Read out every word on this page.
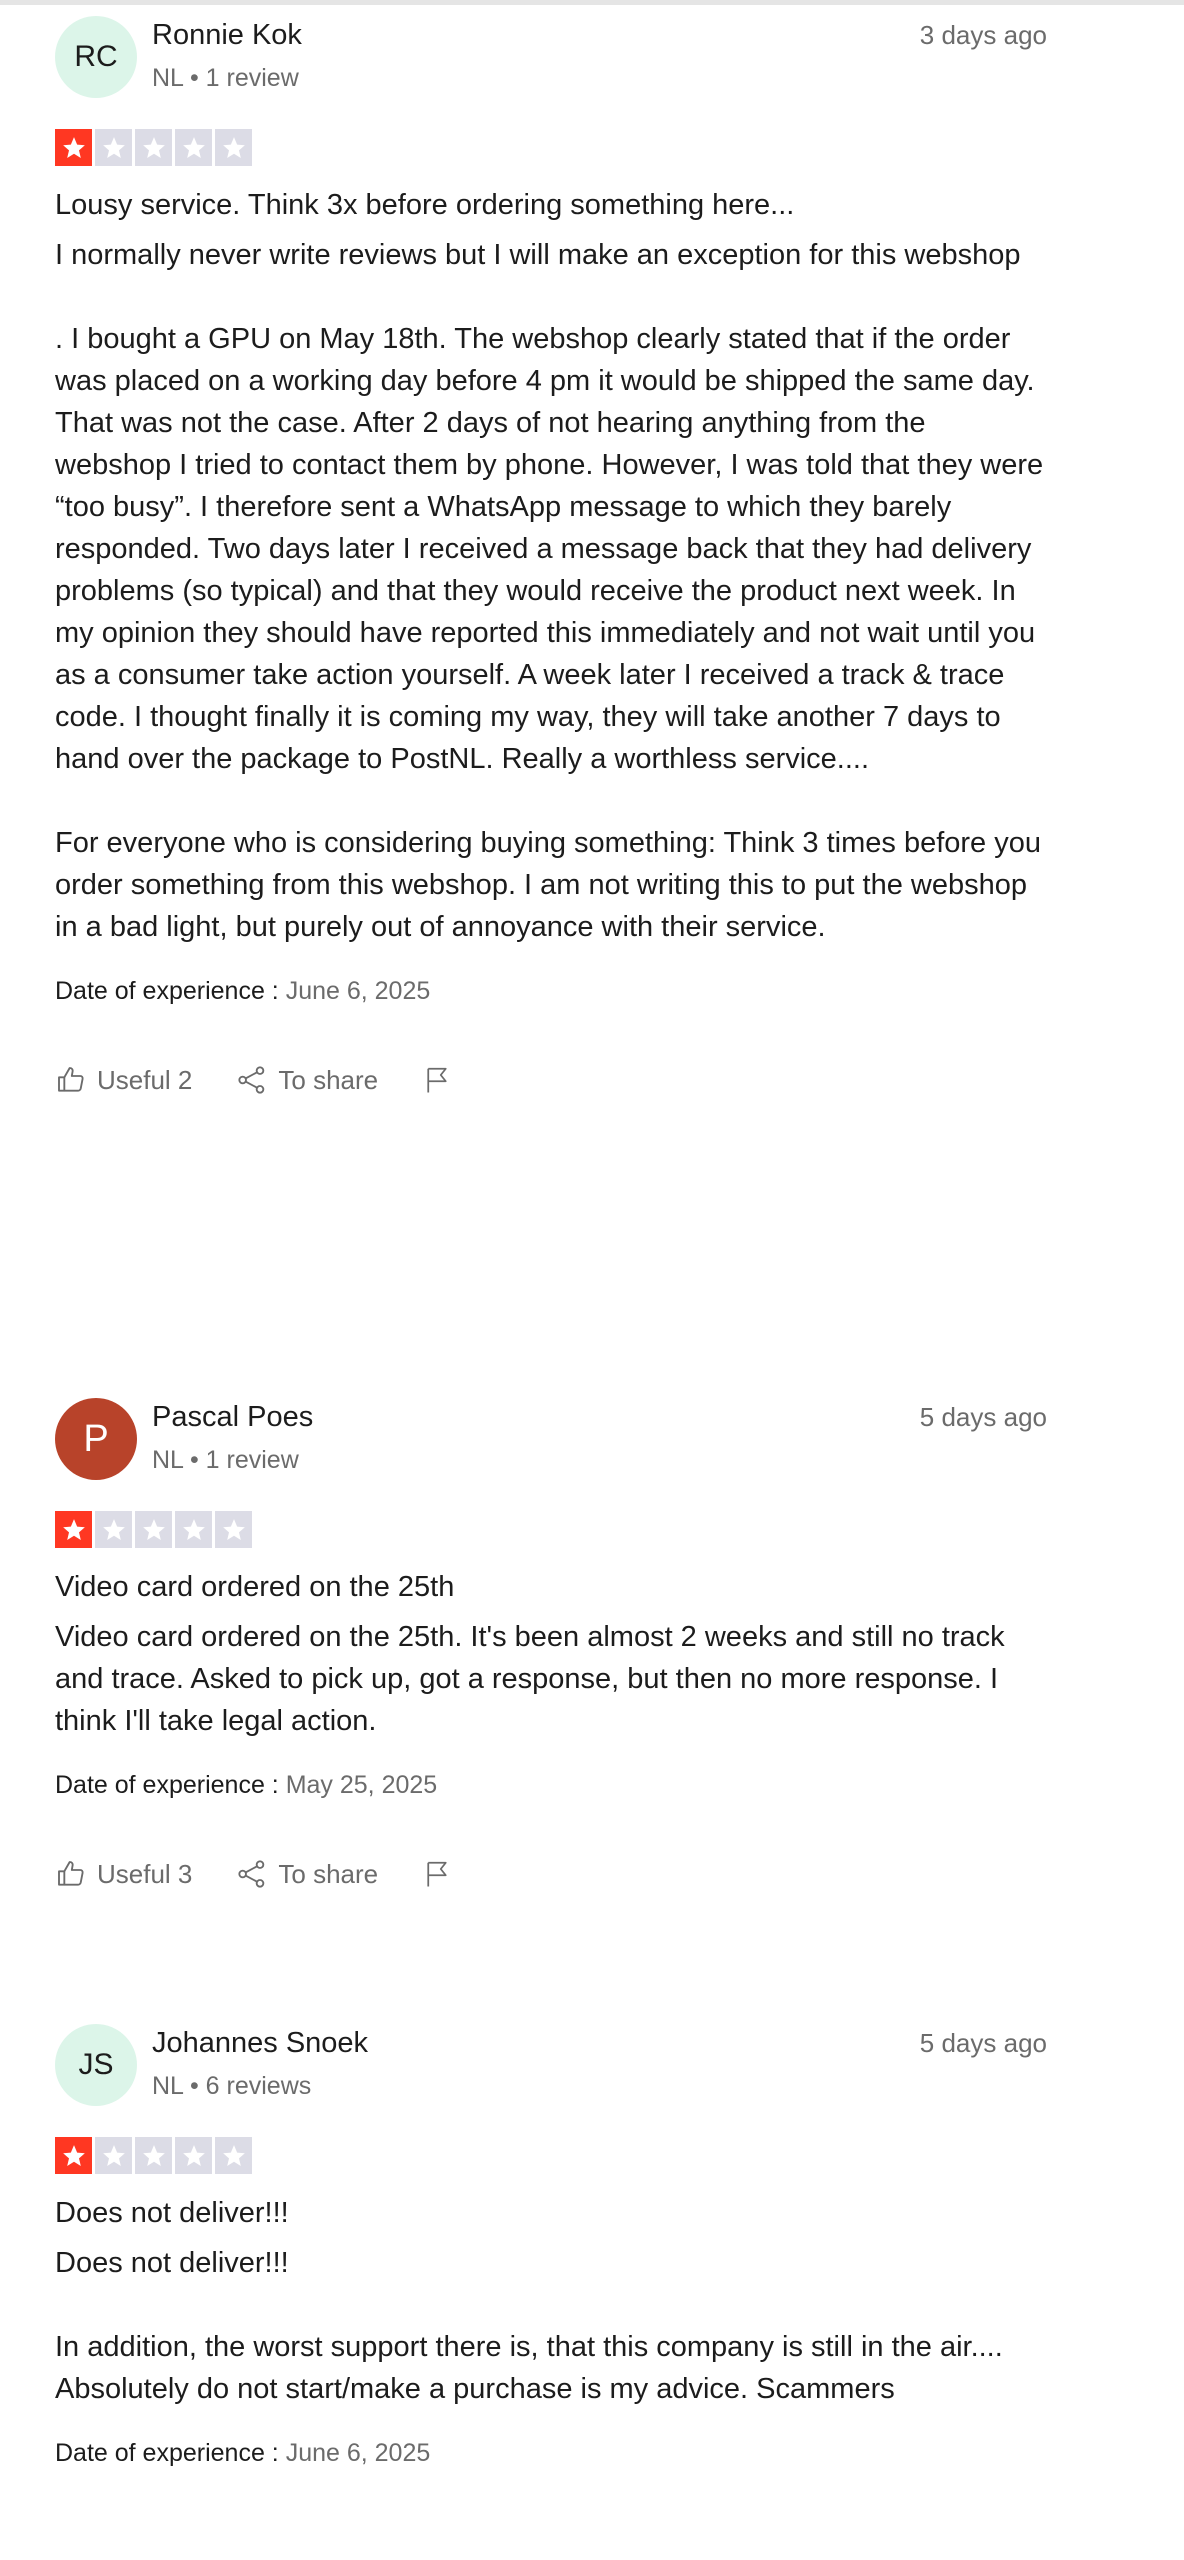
RC
Ronnie Kok
NL • 1 review
3 days ago
Lousy service. Think 3x before ordering something here...

I normally never write reviews but I will make an exception for this webshop

. I bought a GPU on May 18th. The webshop clearly stated that if the order was placed on a working day before 4 pm it would be shipped the same day. That was not the case. After 2 days of not hearing anything from the webshop I tried to contact them by phone. However, I was told that they were “too busy”. I therefore sent a WhatsApp message to which they barely responded. Two days later I received a message back that they had delivery problems (so typical) and that they would receive the product next week. In my opinion they should have reported this immediately and not wait until you as a consumer take action yourself. A week later I received a track & trace code. I thought finally it is coming my way, they will take another 7 days to hand over the package to PostNL. Really a worthless service....

For everyone who is considering buying something: Think 3 times before you order something from this webshop. I am not writing this to put the webshop in a bad light, but purely out of annoyance with their service.

Date of experience : June 6, 2025
Useful 2	To share
P
Pascal Poes
NL • 1 review
5 days ago
Video card ordered on the 25th

Video card ordered on the 25th. It's been almost 2 weeks and still no track and trace. Asked to pick up, got a response, but then no more response. I think I'll take legal action.

Date of experience : May 25, 2025
Useful 3	To share
JS
Johannes Snoek
NL • 6 reviews
5 days ago
Does not deliver!!!

Does not deliver!!!

In addition, the worst support there is, that this company is still in the air....

Absolutely do not start/make a purchase is my advice. Scammers

Date of experience : June 6, 2025
